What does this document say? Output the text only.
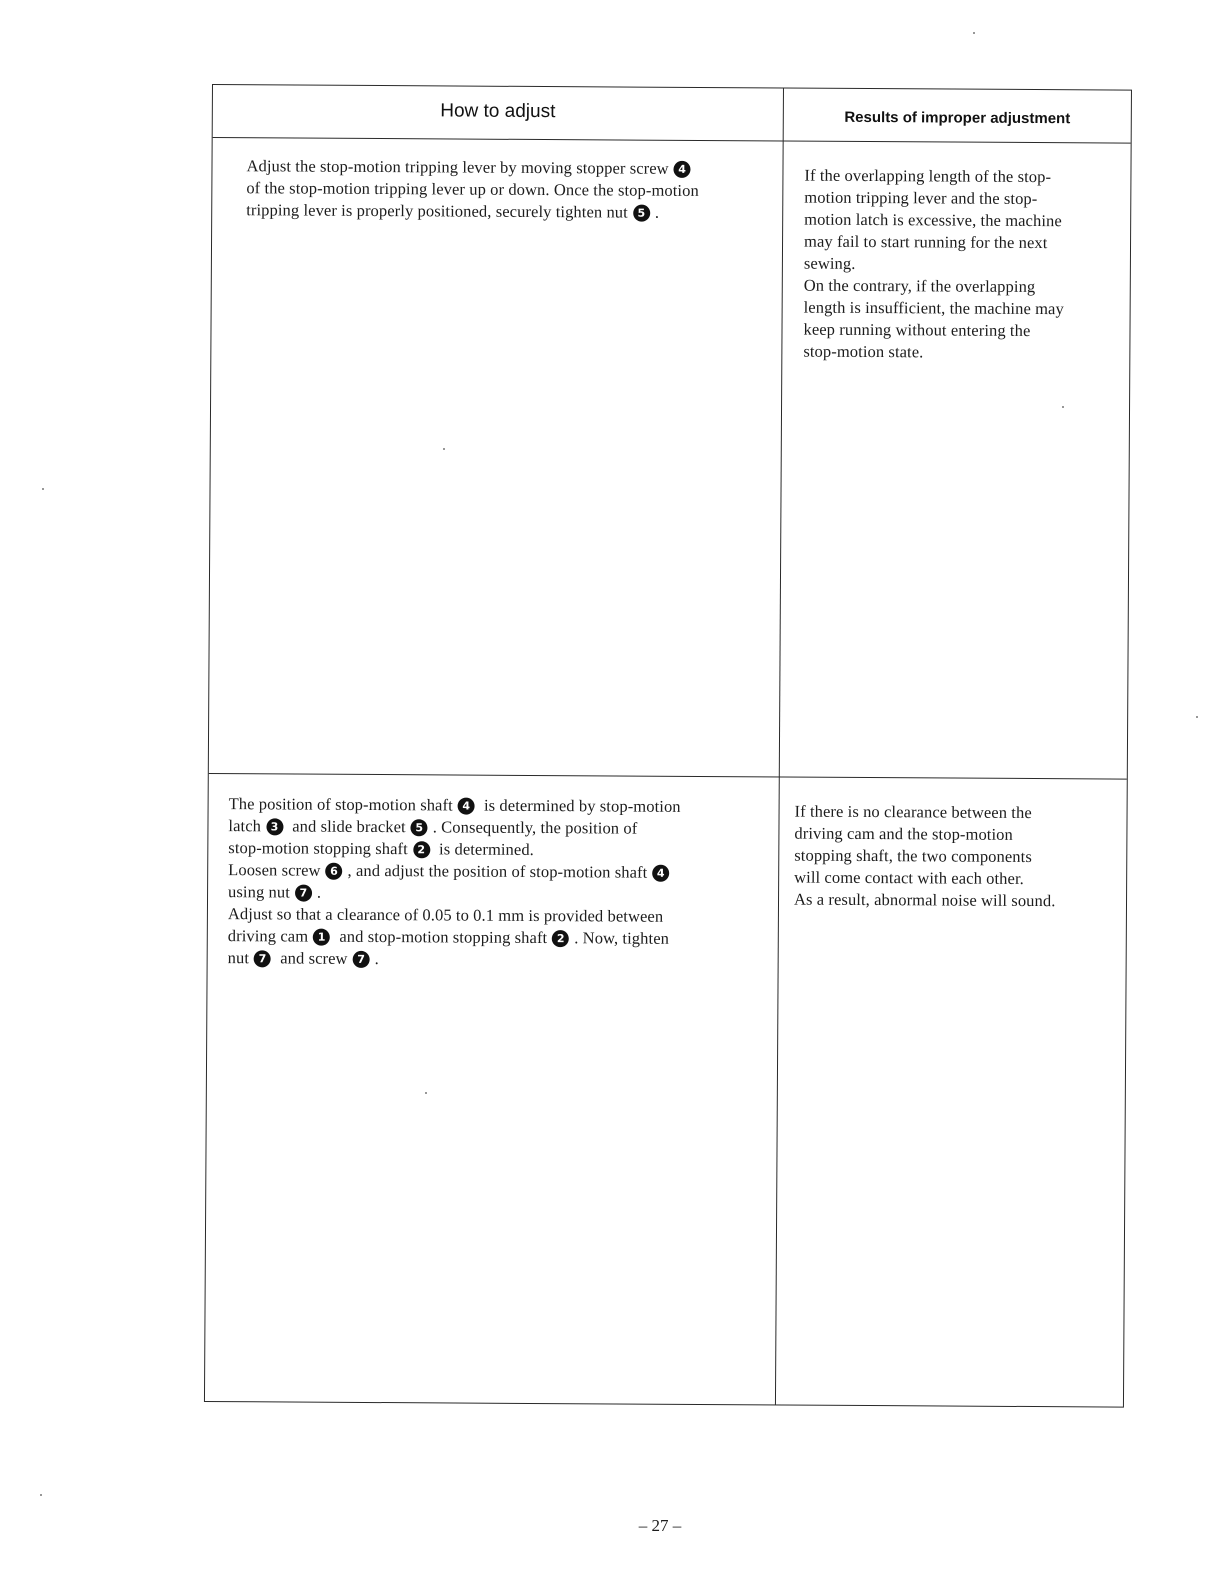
How to adjust	Results of improper adjustment
Adjust the stop-motion tripping lever by moving stopper screw 4
of the stop-motion tripping lever up or down. Once the stop-motion
tripping lever is properly positioned, securely tighten nut 5 .
If the overlapping length of the stop-
motion tripping lever and the stop-
motion latch is excessive, the machine
may fail to start running for the next
sewing.
On the contrary, if the overlapping
length is insufficient, the machine may
keep running without entering the
stop-motion state.
The position of stop-motion shaft 4 is determined by stop-motion
latch 3 and slide bracket 5 . Consequently, the position of
stop-motion stopping shaft 2 is determined.
Loosen screw 6 , and adjust the position of stop-motion shaft 4
using nut 7 .
Adjust so that a clearance of 0.05 to 0.1 mm is provided between
driving cam 1 and stop-motion stopping shaft 2 . Now, tighten
nut 7 and screw 7 .
If there is no clearance between the
driving cam and the stop-motion
stopping shaft, the two components
will come contact with each other.
As a result, abnormal noise will sound.
– 27 –
